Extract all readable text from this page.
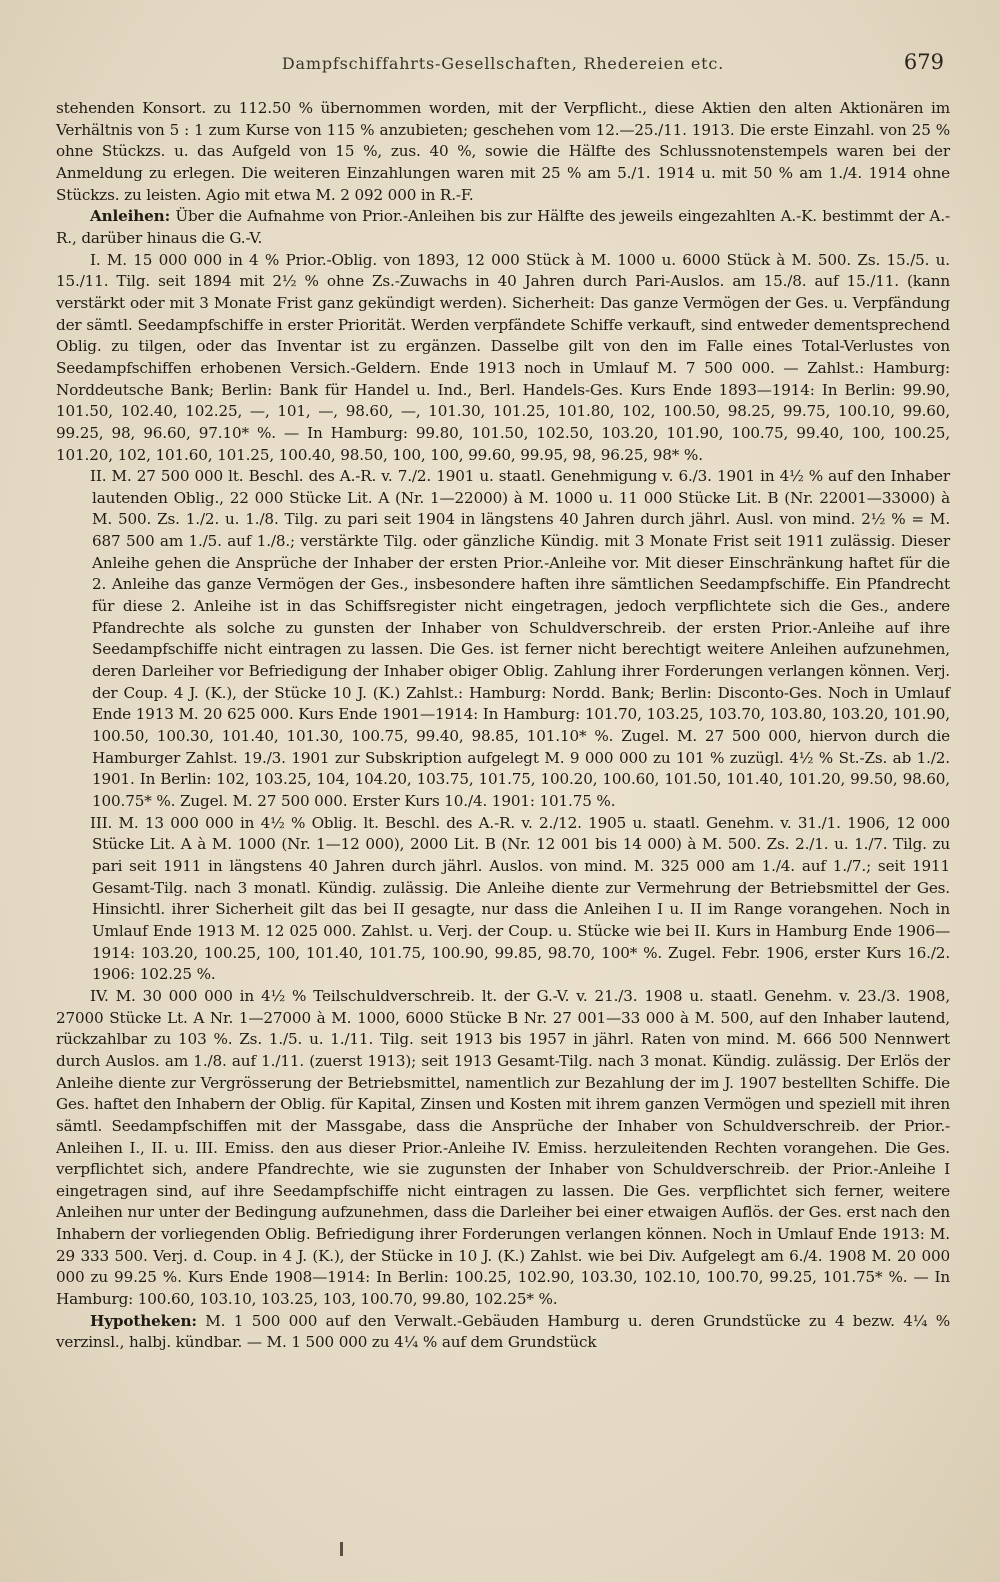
Dampfschiffahrts-Gesellschaften, Rhedereien etc.	679

stehenden Konsort. zu 112.50 % übernommen worden, mit der Verpflicht., diese Aktien den alten Aktionären im Verhältnis von 5 : 1 zum Kurse von 115 % anzubieten; geschehen vom 12.—25./11. 1913. Die erste Einzahl. von 25 % ohne Stückzs. u. das Aufgeld von 15 %, zus. 40 %, sowie die Hälfte des Schlussnotenstempels waren bei der Anmeldung zu erlegen. Die weiteren Einzahlungen waren mit 25 % am 5./1. 1914 u. mit 50 % am 1./4. 1914 ohne Stückzs. zu leisten. Agio mit etwa M. 2 092 000 in R.-F.

Anleihen: Über die Aufnahme von Prior.-Anleihen bis zur Hälfte des jeweils eingezahlten A.-K. bestimmt der A.-R., darüber hinaus die G.-V.

I. M. 15 000 000 in 4 % Prior.-Oblig. von 1893, 12 000 Stück à M. 1000 u. 6000 Stück à M. 500. Zs. 15./5. u. 15./11. Tilg. seit 1894 mit 2½ % ohne Zs.-Zuwachs in 40 Jahren durch Pari-Auslos. am 15./8. auf 15./11. (kann verstärkt oder mit 3 Monate Frist ganz gekündigt werden). Sicherheit: Das ganze Vermögen der Ges. u. Verpfändung der sämtl. Seedampfschiffe in erster Priorität. Werden verpfändete Schiffe verkauft, sind entweder dementsprechend Oblig. zu tilgen, oder das Inventar ist zu ergänzen. Dasselbe gilt von den im Falle eines Total-Verlustes von Seedampfschiffen erhobenen Versich.-Geldern. Ende 1913 noch in Umlauf M. 7 500 000. — Zahlst.: Hamburg: Norddeutsche Bank; Berlin: Bank für Handel u. Ind., Berl. Handels-Ges. Kurs Ende 1893—1914: In Berlin: 99.90, 101.50, 102.40, 102.25, —, 101, —, 98.60, —, 101.30, 101.25, 101.80, 102, 100.50, 98.25, 99.75, 100.10, 99.60, 99.25, 98, 96.60, 97.10* %. — In Hamburg: 99.80, 101.50, 102.50, 103.20, 101.90, 100.75, 99.40, 100, 100.25, 101.20, 102, 101.60, 101.25, 100.40, 98.50, 100, 100, 99.60, 99.95, 98, 96.25, 98* %.

II. M. 27 500 000 lt. Beschl. des A.-R. v. 7./2. 1901 u. staatl. Genehmigung v. 6./3. 1901 in 4½ % auf den Inhaber lautenden Oblig., 22 000 Stücke Lit. A (Nr. 1—22000) à M. 1000 u. 11 000 Stücke Lit. B (Nr. 22001—33000) à M. 500. Zs. 1./2. u. 1./8. Tilg. zu pari seit 1904 in längstens 40 Jahren durch jährl. Ausl. von mind. 2½ % = M. 687 500 am 1./5. auf 1./8.; verstärkte Tilg. oder gänzliche Kündig. mit 3 Monate Frist seit 1911 zulässig. Dieser Anleihe gehen die Ansprüche der Inhaber der ersten Prior.-Anleihe vor. Mit dieser Einschränkung haftet für die 2. Anleihe das ganze Vermögen der Ges., insbesondere haften ihre sämtlichen Seedampfschiffe. Ein Pfandrecht für diese 2. Anleihe ist in das Schiffsregister nicht eingetragen, jedoch verpflichtete sich die Ges., andere Pfandrechte als solche zu gunsten der Inhaber von Schuldverschreib. der ersten Prior.-Anleihe auf ihre Seedampfschiffe nicht eintragen zu lassen. Die Ges. ist ferner nicht berechtigt weitere Anleihen aufzunehmen, deren Darleiher vor Befriedigung der Inhaber obiger Oblig. Zahlung ihrer Forderungen verlangen können. Verj. der Coup. 4 J. (K.), der Stücke 10 J. (K.) Zahlst.: Hamburg: Nordd. Bank; Berlin: Disconto-Ges. Noch in Umlauf Ende 1913 M. 20 625 000. Kurs Ende 1901—1914: In Hamburg: 101.70, 103.25, 103.70, 103.80, 103.20, 101.90, 100.50, 100.30, 101.40, 101.30, 100.75, 99.40, 98.85, 101.10* %. Zugel. M. 27 500 000, hiervon durch die Hamburger Zahlst. 19./3. 1901 zur Subskription aufgelegt M. 9 000 000 zu 101 % zuzügl. 4½ % St.-Zs. ab 1./2. 1901. In Berlin: 102, 103.25, 104, 104.20, 103.75, 101.75, 100.20, 100.60, 101.50, 101.40, 101.20, 99.50, 98.60, 100.75* %. Zugel. M. 27 500 000. Erster Kurs 10./4. 1901: 101.75 %.

III. M. 13 000 000 in 4½ % Oblig. lt. Beschl. des A.-R. v. 2./12. 1905 u. staatl. Genehm. v. 31./1. 1906, 12 000 Stücke Lit. A à M. 1000 (Nr. 1—12 000), 2000 Lit. B (Nr. 12 001 bis 14 000) à M. 500. Zs. 2./1. u. 1./7. Tilg. zu pari seit 1911 in längstens 40 Jahren durch jährl. Auslos. von mind. M. 325 000 am 1./4. auf 1./7.; seit 1911 Gesamt-Tilg. nach 3 monatl. Kündig. zulässig. Die Anleihe diente zur Vermehrung der Betriebsmittel der Ges. Hinsichtl. ihrer Sicherheit gilt das bei II gesagte, nur dass die Anleihen I u. II im Range vorangehen. Noch in Umlauf Ende 1913 M. 12 025 000. Zahlst. u. Verj. der Coup. u. Stücke wie bei II. Kurs in Hamburg Ende 1906—1914: 103.20, 100.25, 100, 101.40, 101.75, 100.90, 99.85, 98.70, 100* %. Zugel. Febr. 1906, erster Kurs 16./2. 1906: 102.25 %.

IV. M. 30 000 000 in 4½ % Teilschuldverschreib. lt. der G.-V. v. 21./3. 1908 u. staatl. Genehm. v. 23./3. 1908, 27000 Stücke Lt. A Nr. 1—27000 à M. 1000, 6000 Stücke B Nr. 27 001—33 000 à M. 500, auf den Inhaber lautend, rückzahlbar zu 103 %. Zs. 1./5. u. 1./11. Tilg. seit 1913 bis 1957 in jährl. Raten von mind. M. 666 500 Nennwert durch Auslos. am 1./8. auf 1./11. (zuerst 1913); seit 1913 Gesamt-Tilg. nach 3 monat. Kündig. zulässig. Der Erlös der Anleihe diente zur Vergrösserung der Betriebsmittel, namentlich zur Bezahlung der im J. 1907 bestellten Schiffe. Die Ges. haftet den Inhabern der Oblig. für Kapital, Zinsen und Kosten mit ihrem ganzen Vermögen und speziell mit ihren sämtl. Seedampfschiffen mit der Massgabe, dass die Ansprüche der Inhaber von Schuldverschreib. der Prior.-Anleihen I., II. u. III. Emiss. den aus dieser Prior.-Anleihe IV. Emiss. herzuleitenden Rechten vorangehen. Die Ges. verpflichtet sich, andere Pfandrechte, wie sie zugunsten der Inhaber von Schuldverschreib. der Prior.-Anleihe I eingetragen sind, auf ihre Seedampfschiffe nicht eintragen zu lassen. Die Ges. verpflichtet sich ferner, weitere Anleihen nur unter der Bedingung aufzunehmen, dass die Darleiher bei einer etwaigen Auflös. der Ges. erst nach den Inhabern der vorliegenden Oblig. Befriedigung ihrer Forderungen verlangen können. Noch in Umlauf Ende 1913: M. 29 333 500. Verj. d. Coup. in 4 J. (K.), der Stücke in 10 J. (K.) Zahlst. wie bei Div. Aufgelegt am 6./4. 1908 M. 20 000 000 zu 99.25 %. Kurs Ende 1908—1914: In Berlin: 100.25, 102.90, 103.30, 102.10, 100.70, 99.25, 101.75* %. — In Hamburg: 100.60, 103.10, 103.25, 103, 100.70, 99.80, 102.25* %.

Hypotheken: M. 1 500 000 auf den Verwalt.-Gebäuden Hamburg u. deren Grundstücke zu 4 bezw. 4¼ % verzinsl., halbj. kündbar. — M. 1 500 000 zu 4¼ % auf dem Grundstück
